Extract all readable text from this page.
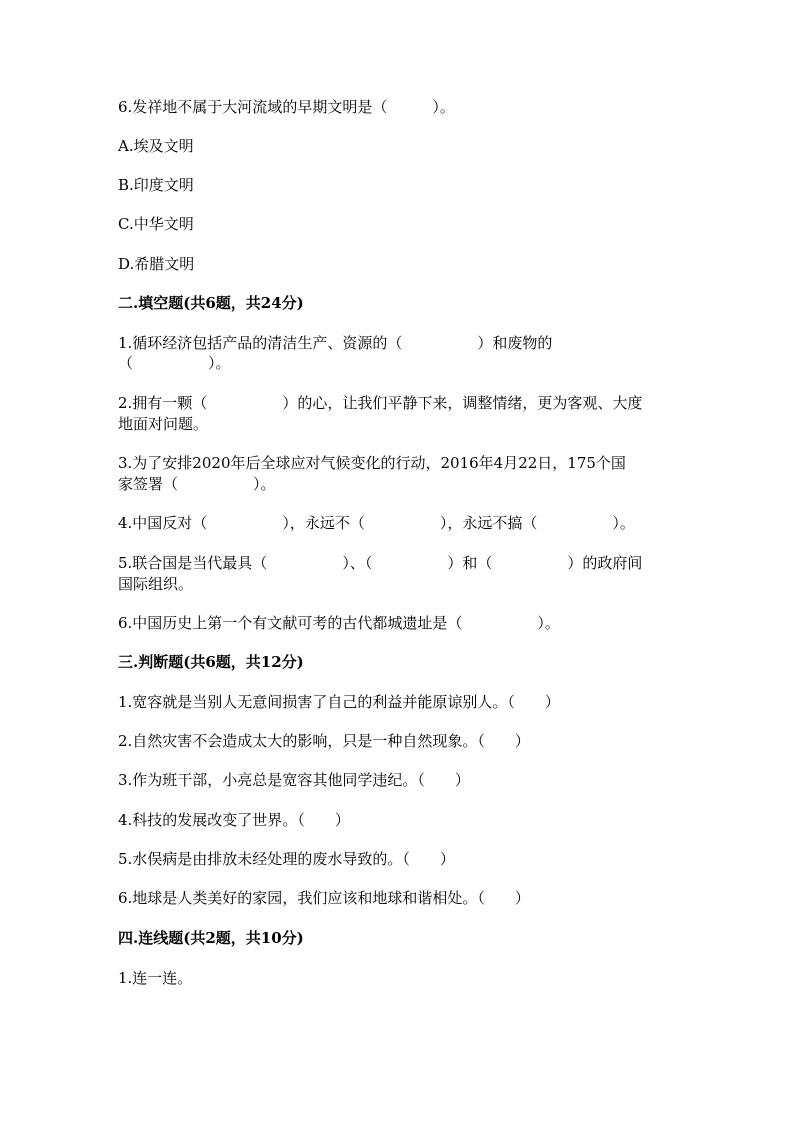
6.发祥地不属于大河流域的早期文明是（　　　）。
A.埃及文明
B.印度文明
C.中华文明
D.希腊文明
二.填空题(共6题，共24分)
1.循环经济包括产品的清洁生产、资源的（　　　　　）和废物的
（　　　　　）。
2.拥有一颗（　　　　　）的心，让我们平静下来，调整情绪，更为客观、大度
地面对问题。
3.为了安排2020年后全球应对气候变化的行动，2016年4月22日，175个国
家签署（　　　　　）。
4.中国反对（　　　　　），永远不（　　　　　），永远不搞（　　　　　）。
5.联合国是当代最具（　　　　　）、（　　　　　）和（　　　　　）的政府间
国际组织。
6.中国历史上第一个有文献可考的古代都城遗址是（　　　　　）。
三.判断题(共6题，共12分)
1.宽容就是当别人无意间损害了自己的利益并能原谅别人。（　　）
2.自然灾害不会造成太大的影响，只是一种自然现象。（　　）
3.作为班干部，小亮总是宽容其他同学违纪。（　　）
4.科技的发展改变了世界。（　　）
5.水俣病是由排放未经处理的废水导致的。（　　）
6.地球是人类美好的家园，我们应该和地球和谐相处。（　　）
四.连线题(共2题，共10分)
1.连一连。
